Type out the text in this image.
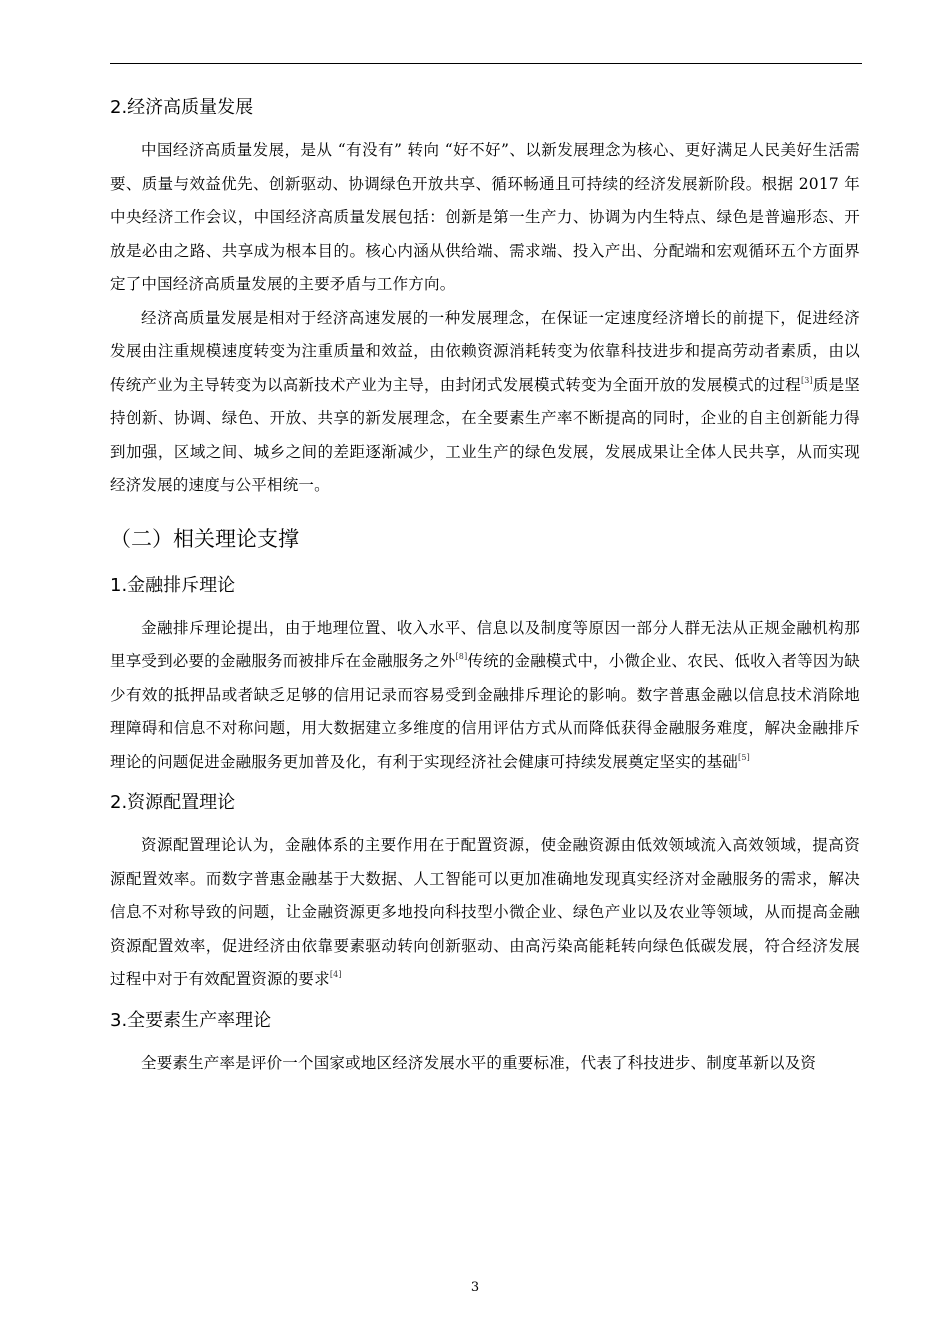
2.经济高质量发展

中国经济高质量发展，是从 “有没有” 转向 “好不好”、以新发展理念为核心、更好满足人民美好生活需要、质量与效益优先、创新驱动、协调绿色开放共享、循环畅通且可持续的经济发展新阶段。根据 2017 年中央经济工作会议，中国经济高质量发展包括：创新是第一生产力、协调为内生特点、绿色是普遍形态、开放是必由之路、共享成为根本目的。核心内涵从供给端、需求端、投入产出、分配端和宏观循环五个方面界定了中国经济高质量发展的主要矛盾与工作方向。

经济高质量发展是相对于经济高速发展的一种发展理念，在保证一定速度经济增长的前提下，促进经济发展由注重规模速度转变为注重质量和效益，由依赖资源消耗转变为依靠科技进步和提高劳动者素质，由以传统产业为主导转变为以高新技术产业为主导，由封闭式发展模式转变为全面开放的发展模式的过程[3]质是坚持创新、协调、绿色、开放、共享的新发展理念，在全要素生产率不断提高的同时，企业的自主创新能力得到加强，区域之间、城乡之间的差距逐渐减少，工业生产的绿色发展，发展成果让全体人民共享，从而实现经济发展的速度与公平相统一。

（二）相关理论支撑
1.金融排斥理论

金融排斥理论提出，由于地理位置、收入水平、信息以及制度等原因一部分人群无法从正规金融机构那里享受到必要的金融服务而被排斥在金融服务之外[8]传统的金融模式中，小微企业、农民、低收入者等因为缺少有效的抵押品或者缺乏足够的信用记录而容易受到金融排斥理论的影响。数字普惠金融以信息技术消除地理障碍和信息不对称问题，用大数据建立多维度的信用评估方式从而降低获得金融服务难度，解决金融排斥理论的问题促进金融服务更加普及化，有利于实现经济社会健康可持续发展奠定坚实的基础[5]

2.资源配置理论

资源配置理论认为，金融体系的主要作用在于配置资源，使金融资源由低效领域流入高效领域，提高资源配置效率。而数字普惠金融基于大数据、人工智能可以更加准确地发现真实经济对金融服务的需求，解决信息不对称导致的问题，让金融资源更多地投向科技型小微企业、绿色产业以及农业等领域，从而提高金融资源配置效率，促进经济由依靠要素驱动转向创新驱动、由高污染高能耗转向绿色低碳发展，符合经济发展过程中对于有效配置资源的要求[4]

3.全要素生产率理论

全要素生产率是评价一个国家或地区经济发展水平的重要标准，代表了科技进步、制度革新以及资

3
